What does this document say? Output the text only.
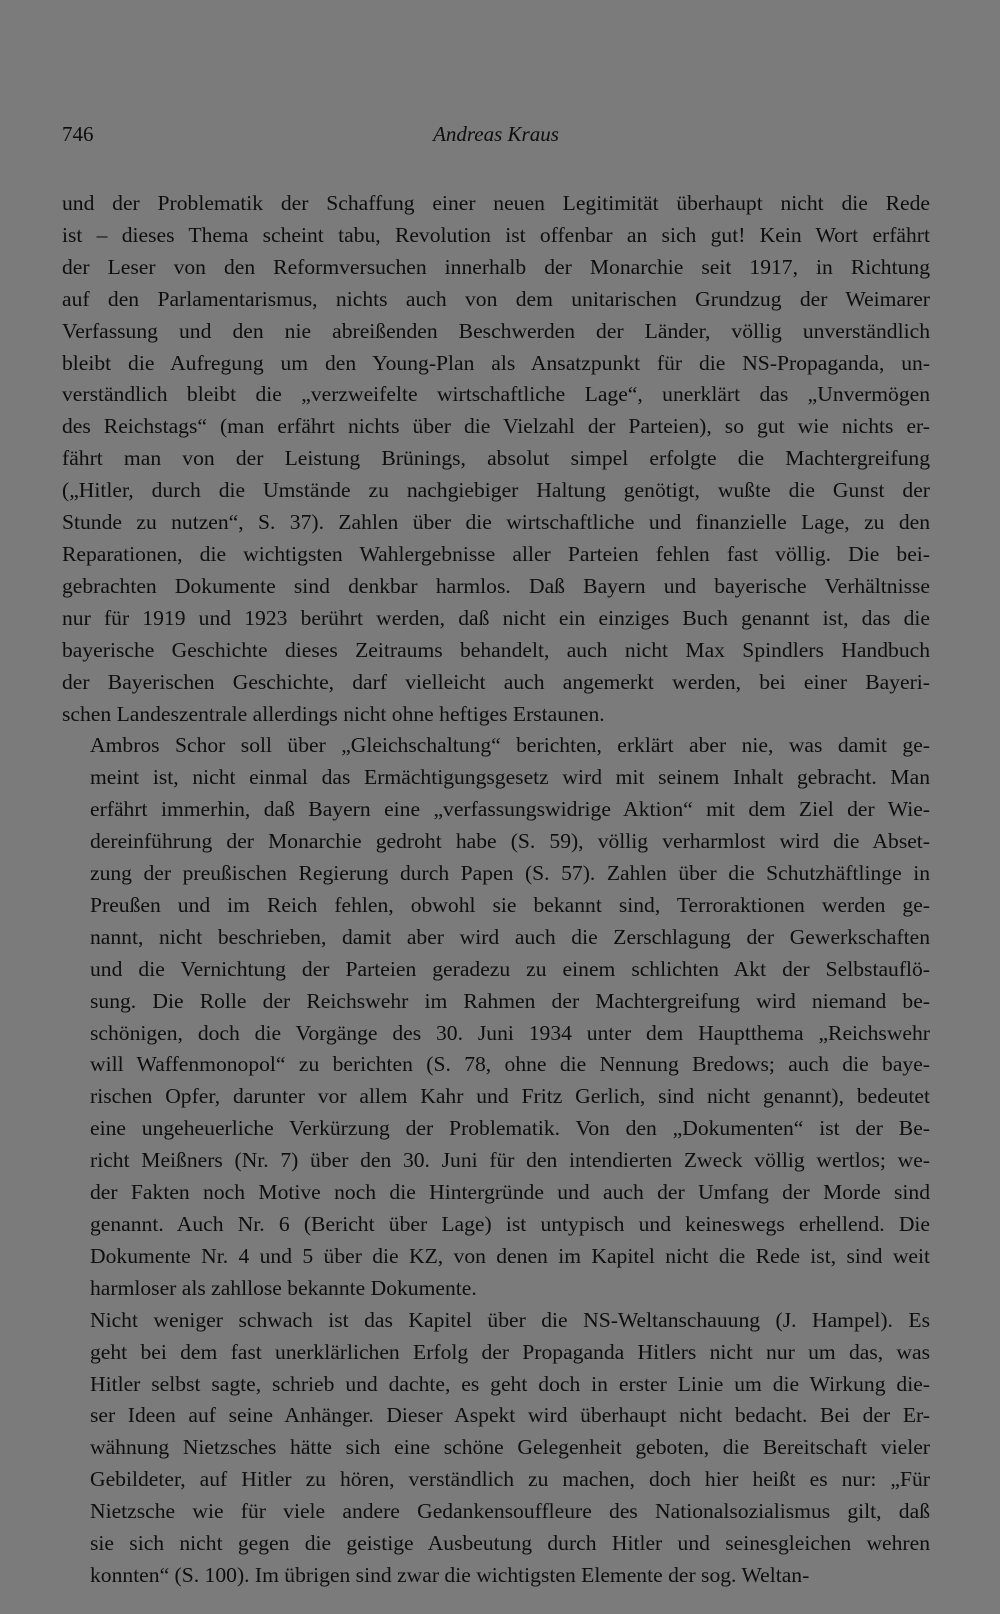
746	Andreas Kraus
und der Problematik der Schaffung einer neuen Legitimität überhaupt nicht die Rede
ist – dieses Thema scheint tabu, Revolution ist offenbar an sich gut! Kein Wort erfährt
der Leser von den Reformversuchen innerhalb der Monarchie seit 1917, in Richtung
auf den Parlamentarismus, nichts auch von dem unitarischen Grundzug der Weimarer
Verfassung und den nie abreißenden Beschwerden der Länder, völlig unverständlich
bleibt die Aufregung um den Young-Plan als Ansatzpunkt für die NS-Propaganda, un-
verständlich bleibt die „verzweifelte wirtschaftliche Lage“, unerklärt das „Unvermögen
des Reichstags“ (man erfährt nichts über die Vielzahl der Parteien), so gut wie nichts er-
fährt man von der Leistung Brünings, absolut simpel erfolgte die Machtergreifung
(„Hitler, durch die Umstände zu nachgiebiger Haltung genötigt, wußte die Gunst der
Stunde zu nutzen“, S. 37). Zahlen über die wirtschaftliche und finanzielle Lage, zu den
Reparationen, die wichtigsten Wahlergebnisse aller Parteien fehlen fast völlig. Die bei-
gebrachten Dokumente sind denkbar harmlos. Daß Bayern und bayerische Verhältnisse
nur für 1919 und 1923 berührt werden, daß nicht ein einziges Buch genannt ist, das die
bayerische Geschichte dieses Zeitraums behandelt, auch nicht Max Spindlers Handbuch
der Bayerischen Geschichte, darf vielleicht auch angemerkt werden, bei einer Bayeri-
schen Landeszentrale allerdings nicht ohne heftiges Erstaunen.
Ambros Schor soll über „Gleichschaltung“ berichten, erklärt aber nie, was damit ge-
meint ist, nicht einmal das Ermächtigungsgesetz wird mit seinem Inhalt gebracht. Man
erfährt immerhin, daß Bayern eine „verfassungswidrige Aktion“ mit dem Ziel der Wie-
dereinführung der Monarchie gedroht habe (S. 59), völlig verharmlost wird die Abset-
zung der preußischen Regierung durch Papen (S. 57). Zahlen über die Schutzhäftlinge in
Preußen und im Reich fehlen, obwohl sie bekannt sind, Terroraktionen werden ge-
nannt, nicht beschrieben, damit aber wird auch die Zerschlagung der Gewerkschaften
und die Vernichtung der Parteien geradezu zu einem schlichten Akt der Selbstauflö-
sung. Die Rolle der Reichswehr im Rahmen der Machtergreifung wird niemand be-
schönigen, doch die Vorgänge des 30. Juni 1934 unter dem Hauptthema „Reichswehr
will Waffenmonopol“ zu berichten (S. 78, ohne die Nennung Bredows; auch die baye-
rischen Opfer, darunter vor allem Kahr und Fritz Gerlich, sind nicht genannt), bedeutet
eine ungeheuerliche Verkürzung der Problematik. Von den „Dokumenten“ ist der Be-
richt Meißners (Nr. 7) über den 30. Juni für den intendierten Zweck völlig wertlos; we-
der Fakten noch Motive noch die Hintergründe und auch der Umfang der Morde sind
genannt. Auch Nr. 6 (Bericht über Lage) ist untypisch und keineswegs erhellend. Die
Dokumente Nr. 4 und 5 über die KZ, von denen im Kapitel nicht die Rede ist, sind weit
harmloser als zahllose bekannte Dokumente.
Nicht weniger schwach ist das Kapitel über die NS-Weltanschauung (J. Hampel). Es
geht bei dem fast unerklärlichen Erfolg der Propaganda Hitlers nicht nur um das, was
Hitler selbst sagte, schrieb und dachte, es geht doch in erster Linie um die Wirkung die-
ser Ideen auf seine Anhänger. Dieser Aspekt wird überhaupt nicht bedacht. Bei der Er-
wähnung Nietzsches hätte sich eine schöne Gelegenheit geboten, die Bereitschaft vieler
Gebildeter, auf Hitler zu hören, verständlich zu machen, doch hier heißt es nur: „Für
Nietzsche wie für viele andere Gedankensouffleure des Nationalsozialismus gilt, daß
sie sich nicht gegen die geistige Ausbeutung durch Hitler und seinesgleichen wehren
konnten“ (S. 100). Im übrigen sind zwar die wichtigsten Elemente der sog. Weltan-
